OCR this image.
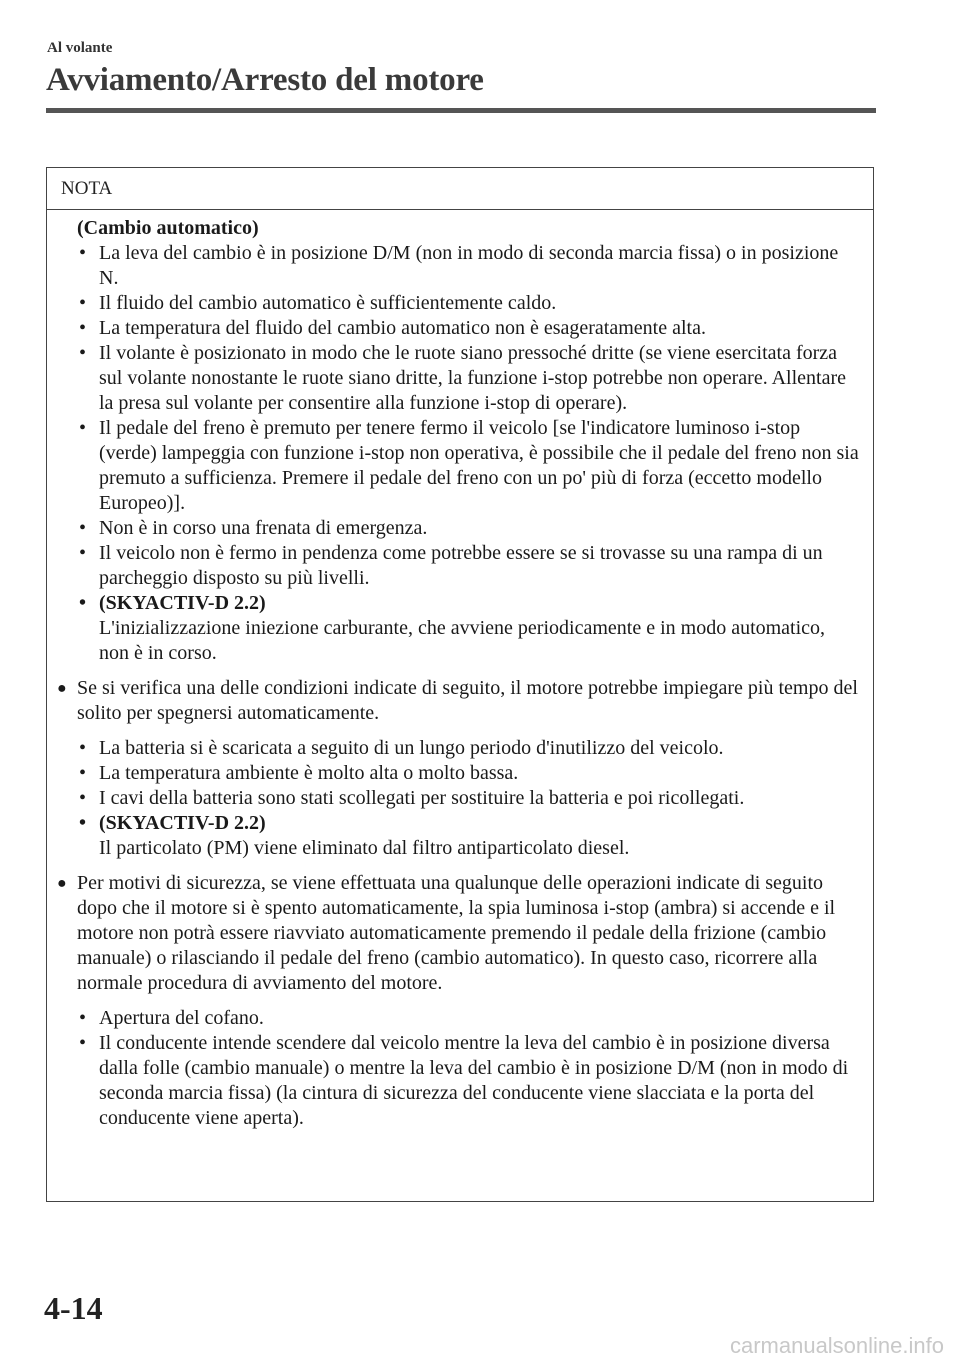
Al volante
Avviamento/Arresto del motore
NOTA
(Cambio automatico)
• La leva del cambio è in posizione D/M (non in modo di seconda marcia fissa) o in posizione N.
• Il fluido del cambio automatico è sufficientemente caldo.
• La temperatura del fluido del cambio automatico non è esageratamente alta.
• Il volante è posizionato in modo che le ruote siano pressoché dritte (se viene esercitata forza sul volante nonostante le ruote siano dritte, la funzione i-stop potrebbe non operare. Allentare la presa sul volante per consentire alla funzione i-stop di operare).
• Il pedale del freno è premuto per tenere fermo il veicolo [se l'indicatore luminoso i-stop (verde) lampeggia con funzione i-stop non operativa, è possibile che il pedale del freno non sia premuto a sufficienza. Premere il pedale del freno con un po' più di forza (eccetto modello Europeo)].
• Non è in corso una frenata di emergenza.
• Il veicolo non è fermo in pendenza come potrebbe essere se si trovasse su una rampa di un parcheggio disposto su più livelli.
• (SKYACTIV-D 2.2)
L'inizializzazione iniezione carburante, che avviene periodicamente e in modo automatico, non è in corso.
● Se si verifica una delle condizioni indicate di seguito, il motore potrebbe impiegare più tempo del solito per spegnersi automaticamente.
• La batteria si è scaricata a seguito di un lungo periodo d'inutilizzo del veicolo.
• La temperatura ambiente è molto alta o molto bassa.
• I cavi della batteria sono stati scollegati per sostituire la batteria e poi ricollegati.
• (SKYACTIV-D 2.2)
Il particolato (PM) viene eliminato dal filtro antiparticolato diesel.
● Per motivi di sicurezza, se viene effettuata una qualunque delle operazioni indicate di seguito dopo che il motore si è spento automaticamente, la spia luminosa i-stop (ambra) si accende e il motore non potrà essere riavviato automaticamente premendo il pedale della frizione (cambio manuale) o rilasciando il pedale del freno (cambio automatico). In questo caso, ricorrere alla normale procedura di avviamento del motore.
• Apertura del cofano.
• Il conducente intende scendere dal veicolo mentre la leva del cambio è in posizione diversa dalla folle (cambio manuale) o mentre la leva del cambio è in posizione D/M (non in modo di seconda marcia fissa) (la cintura di sicurezza del conducente viene slacciata e la porta del conducente viene aperta).
4-14
carmanualsonline.info
